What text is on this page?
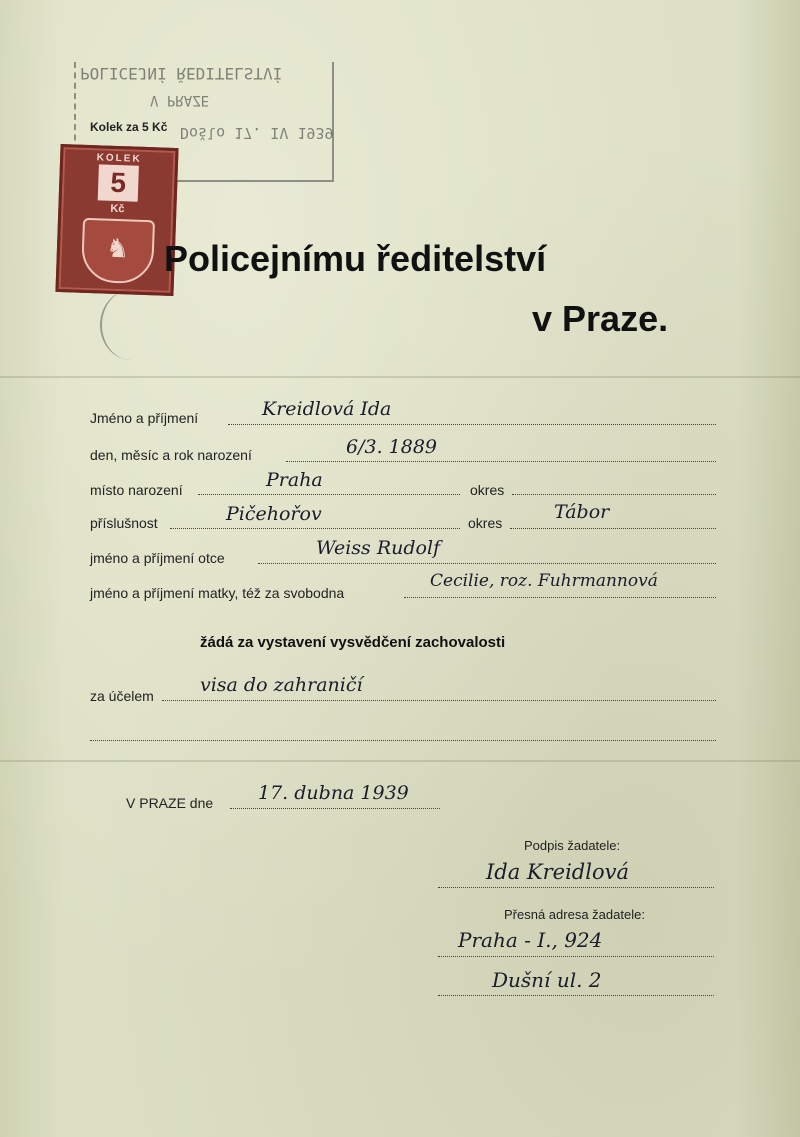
POLICEJNÍ ŘEDITELSTVÍ
V PRAZE
Došlo 17. IV 1939
Kolek za 5 Kč
KOLEK
5
Kč
♞ Policejnímu ředitelství
v Praze.
Jméno a příjmení	Kreidlová Ida
den, měsíc a rok narození	6/3. 1889
místo narození	Praha	okres
příslušnost	Pičehořov	okres	Tábor
jméno a příjmení otce	Weiss Rudolf
jméno a příjmení matky, též za svobodna
Cecilie, roz. Fuhrmannová
žádá za vystavení vysvědčení zachovalosti
za účelem visa do zahraničí
V PRAZE dne 17. dubna 1939
Podpis žadatele:
Ida Kreidlová
Přesná adresa žadatele:
Praha - I., 924
Dušní ul. 2
